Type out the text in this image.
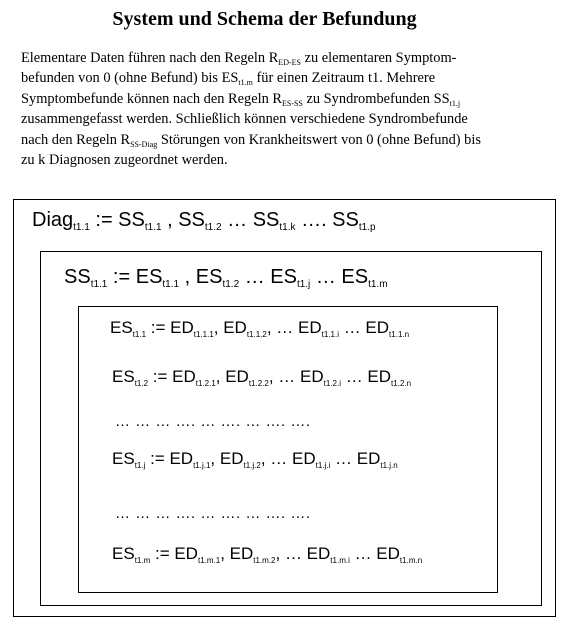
System und Schema der Befundung
Elementare Daten führen nach den Regeln $R_{ED-ES}$ zu elementaren Symptom-
befunden von 0 (ohne Befund) bis $ES_{t1.m}$ für einen Zeitraum t1. Mehrere
Symptombefunde können nach den Regeln $R_{ES-SS}$ zu Syndrombefunden $SS_{t1.j}$
zusammengefasst werden. Schließlich können verschiedene Syndrombefunde
nach den Regeln $R_{SS-Diag}$ Störungen von Krankheitswert von 0 (ohne Befund) bis
zu k Diagnosen zugeordnet werden.
Diag$_{t1.1}$ := $SS_{t1.1}$ , $SS_{t1.2}$ … $SS_{t1.k}$ …. $SS_{t1.p}$
$SS_{t1.1}$ := $ES_{t1.1}$ , $ES_{t1.2}$ … $ES_{t1.j}$ … $ES_{t1.m}$
$ES_{t1.1}$ := $ED_{t1.1.1}$, $ED_{t1.1.2}$, … $ED_{t1.1.i}$ … $ED_{t1.1.n}$
$ES_{t1.2}$ := $ED_{t1.2.1}$, $ED_{t1.2.2}$, … $ED_{t1.2.i}$ … $ED_{t1.2.n}$
… … … …. … …. … …. ….
$ES_{t1.j}$ := $ED_{t1.j.1}$, $ED_{t1.j.2}$, … $ED_{t1.j.i}$ … $ED_{t1.j.n}$
… … … …. … …. … …. ….
$ES_{t1.m}$ := $ED_{t1.m.1}$, $ED_{t1.m.2}$, … $ED_{t1.m.i}$ … $ED_{t1.m.n}$
